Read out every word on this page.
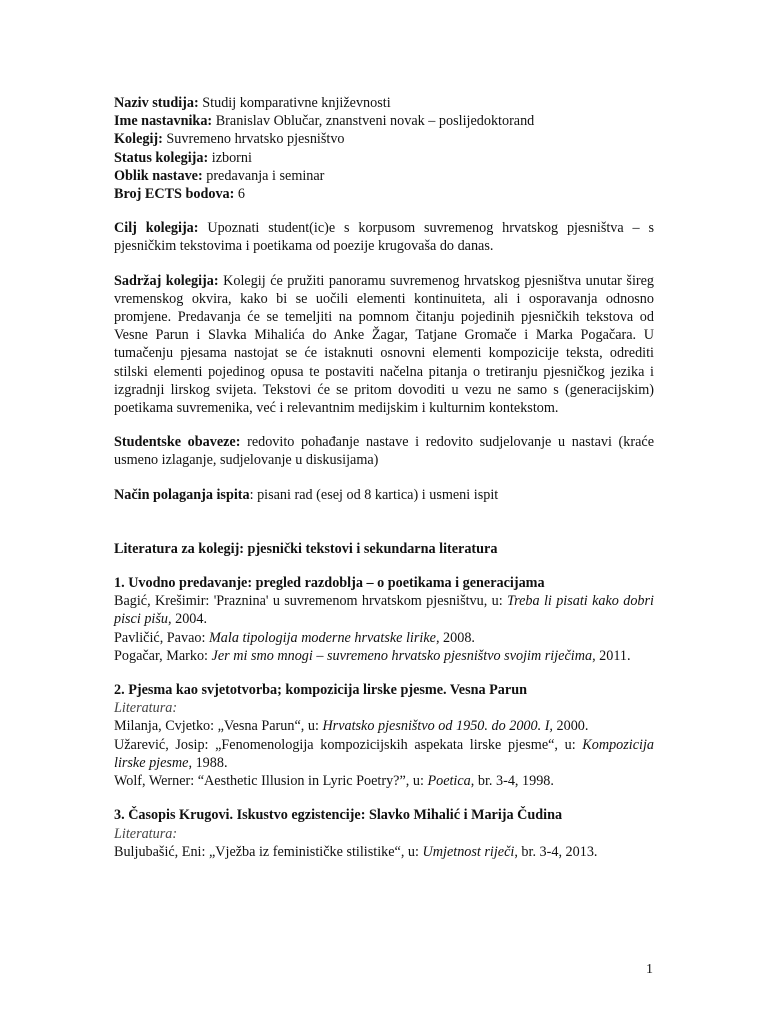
Naziv studija: Studij komparativne književnosti
Ime nastavnika: Branislav Oblučar, znanstveni novak – poslijedoktorand
Kolegij: Suvremeno hrvatsko pjesništvo
Status kolegija: izborni
Oblik nastave: predavanja i seminar
Broj ECTS bodova: 6
Cilj kolegija: Upoznati student(ic)e s korpusom suvremenog hrvatskog pjesništva – s pjesničkim tekstovima i poetikama od poezije krugovaša do danas.
Sadržaj kolegija: Kolegij će pružiti panoramu suvremenog hrvatskog pjesništva unutar šireg vremenskog okvira, kako bi se uočili elementi kontinuiteta, ali i osporavanja odnosno promjene. Predavanja će se temeljiti na pomnom čitanju pojedinih pjesničkih tekstova od Vesne Parun i Slavka Mihalića do Anke Žagar, Tatjane Gromače i Marka Pogačara. U tumačenju pjesama nastojat se će istaknuti osnovni elementi kompozicije teksta, odrediti stilski elementi pojedinog opusa te postaviti načelna pitanja o tretiranju pjesničkog jezika i izgradnji lirskog svijeta. Tekstovi će se pritom dovoditi u vezu ne samo s (generacijskim) poetikama suvremenika, već i relevantnim medijskim i kulturnim kontekstom.
Studentske obaveze: redovito pohađanje nastave i redovito sudjelovanje u nastavi (kraće usmeno izlaganje, sudjelovanje u diskusijama)
Način polaganja ispita: pisani rad (esej od 8 kartica) i usmeni ispit
Literatura za kolegij: pjesnički tekstovi i sekundarna literatura
1. Uvodno predavanje: pregled razdoblja – o poetikama i generacijama
Bagić, Krešimir: 'Praznina' u suvremenom hrvatskom pjesništvu, u: Treba li pisati kako dobri pisci pišu, 2004.
Pavličić, Pavao: Mala tipologija moderne hrvatske lirike, 2008.
Pogačar, Marko: Jer mi smo mnogi – suvremeno hrvatsko pjesništvo svojim riječima, 2011.
2. Pjesma kao svjetotvorba; kompozicija lirske pjesme. Vesna Parun
Literatura:
Milanja, Cvjetko: „Vesna Parun“, u: Hrvatsko pjesništvo od 1950. do 2000. I, 2000.
Užarević, Josip: „Fenomenologija kompozicijskih aspekata lirske pjesme“, u: Kompozicija lirske pjesme, 1988.
Wolf, Werner: “Aesthetic Illusion in Lyric Poetry?”, u: Poetica, br. 3-4, 1998.
3. Časopis Krugovi. Iskustvo egzistencije: Slavko Mihalić i Marija Čudina
Literatura:
Buljubašić, Eni: „Vježba iz feminističke stilistike“, u: Umjetnost riječi, br. 3-4, 2013.
1
